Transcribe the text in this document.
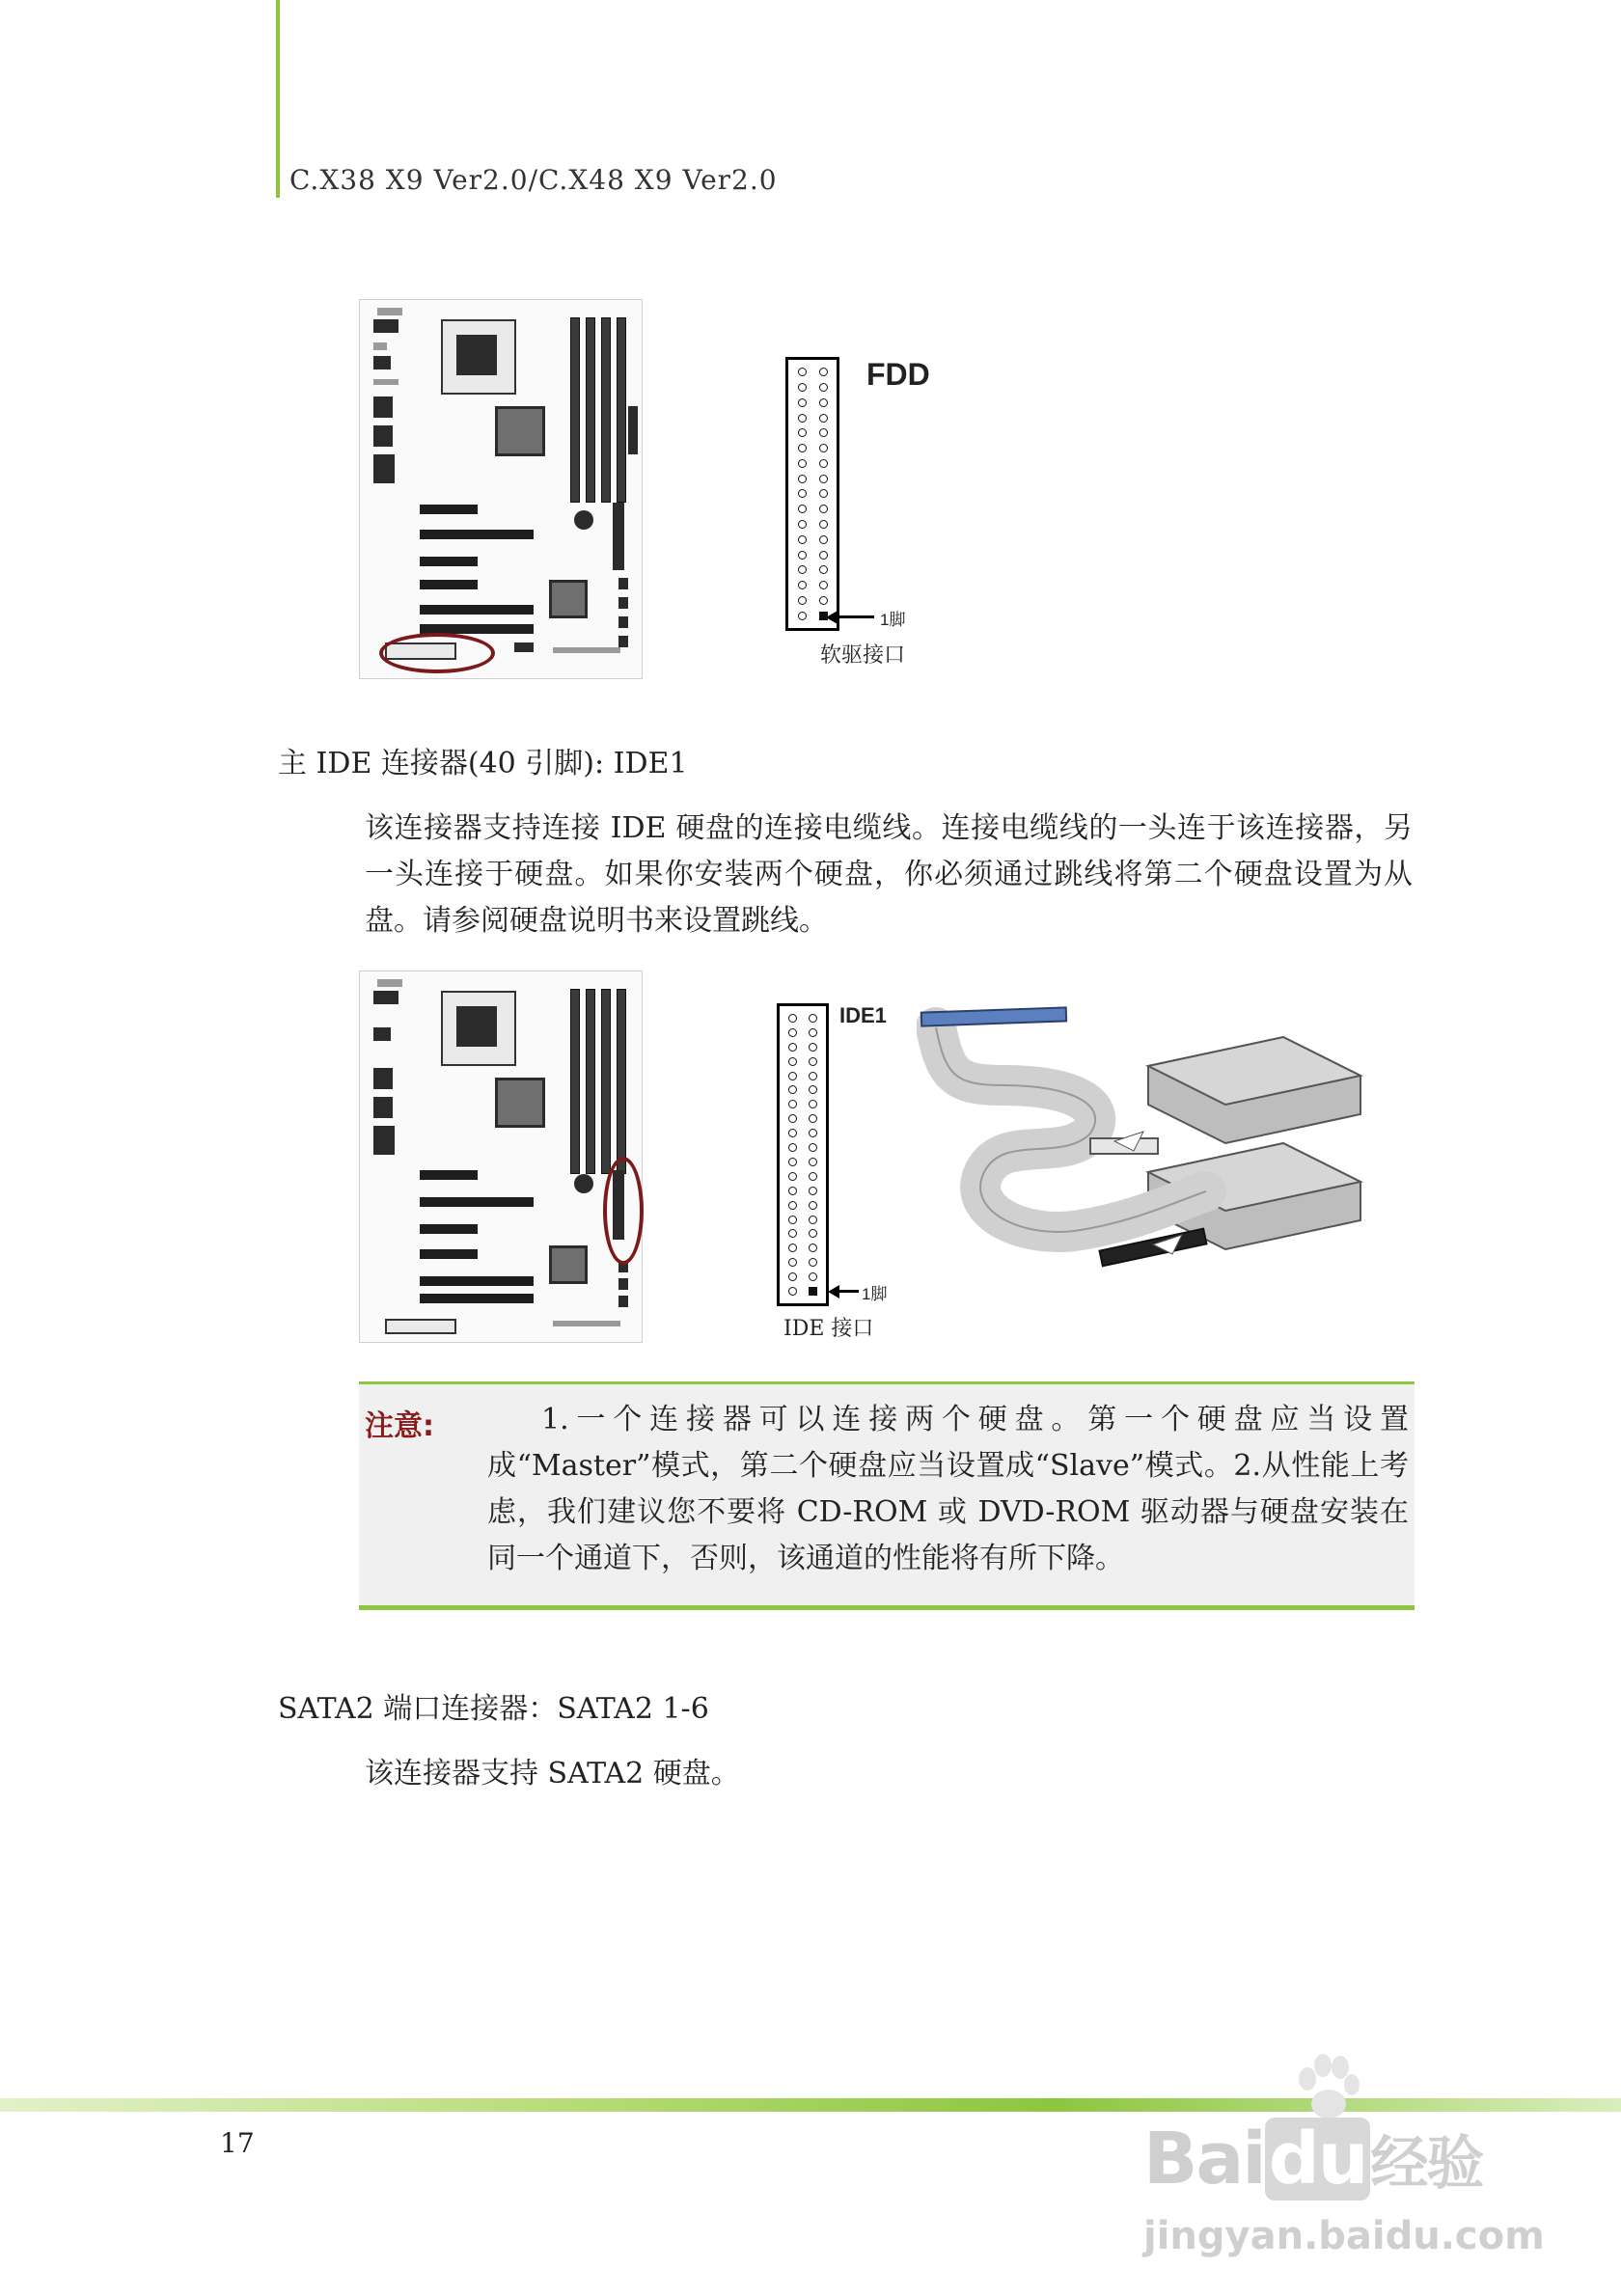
C.X38 X9 Ver2.0/C.X48 X9 Ver2.0
FDD
1脚
软驱接口
主 IDE 连接器(40 引脚): IDE1
该连接器支持连接 IDE 硬盘的连接电缆线。连接电缆线的一头连于该连接器，另一头连接于硬盘。如果你安装两个硬盘，你必须通过跳线将第二个硬盘设置为从盘。请参阅硬盘说明书来设置跳线。
IDE1
1脚
IDE 接口
注意:	1.一个连接器可以连接两个硬盘。第一个硬盘应当设置成“Master”模式，第二个硬盘应当设置成“Slave”模式。2.从性能上考虑，我们建议您不要将 CD-ROM 或 DVD-ROM 驱动器与硬盘安装在同一个通道下，否则，该通道的性能将有所下降。
SATA2 端口连接器：SATA2 1-6
该连接器支持 SATA2 硬盘。
17	Baidu经验
jingyan.baidu.com
